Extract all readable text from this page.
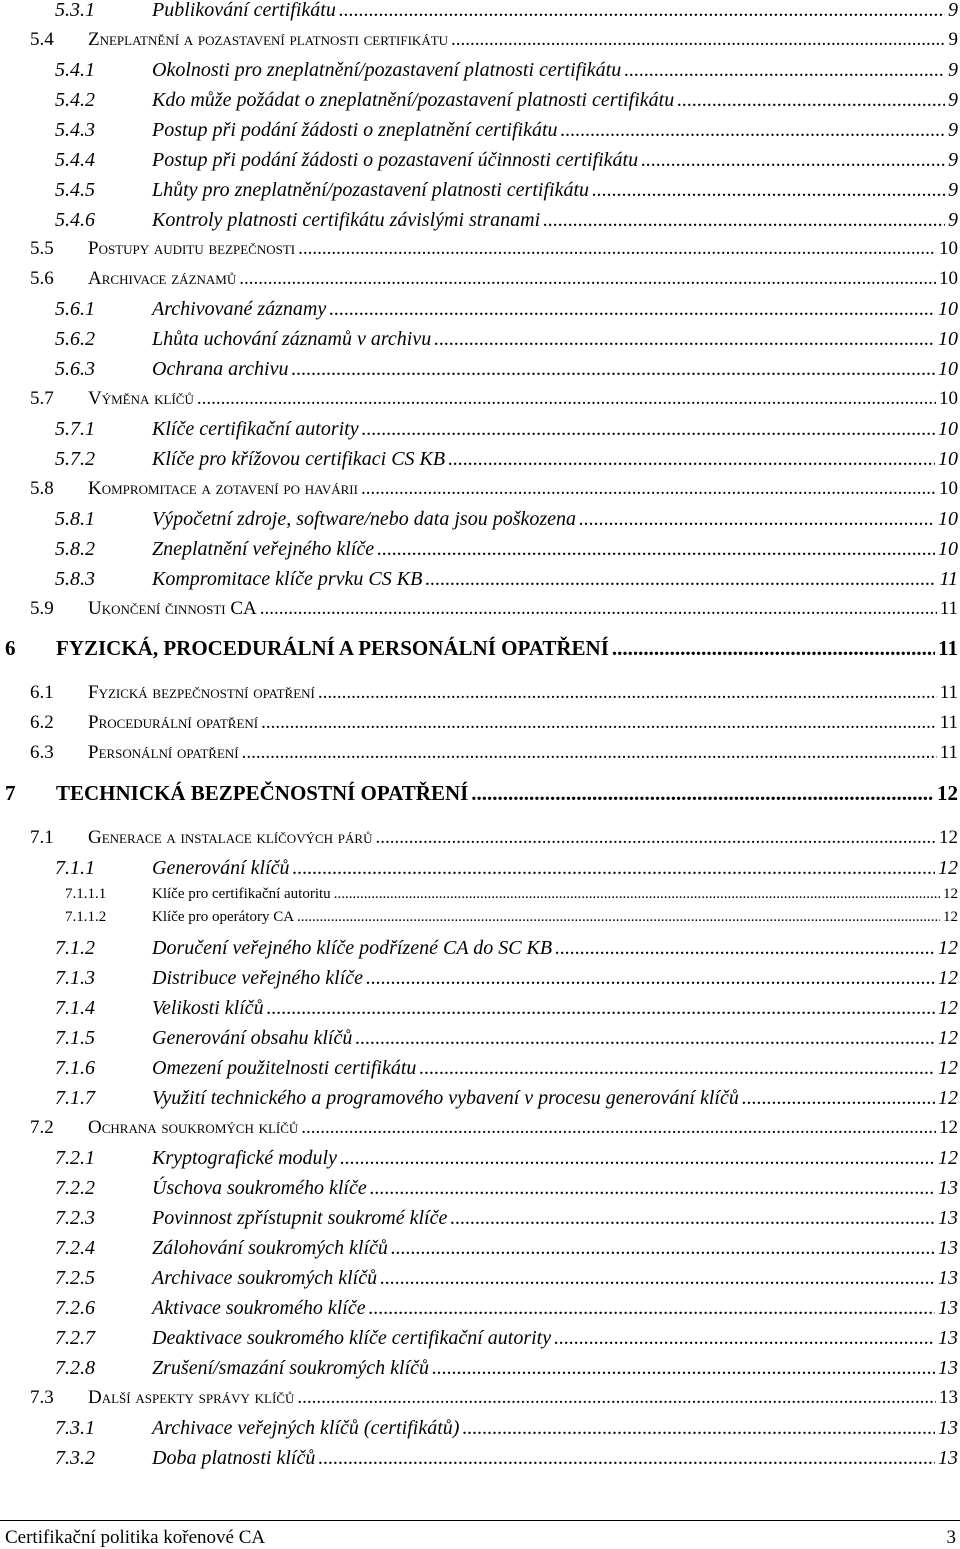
5.3.1	Publikování certifikátu .....	9
5.4	Zneplatnění a pozastavení platnosti certifikátu .....	9
5.4.1	Okolnosti pro zneplatnění/pozastavení platnosti certifikátu .....	9
5.4.2	Kdo může požádat o zneplatnění/pozastavení platnosti certifikátu .....	9
5.4.3	Postup při podání žádosti o zneplatnění certifikátu .....	9
5.4.4	Postup při podání žádosti o pozastavení účinnosti certifikátu .....	9
5.4.5	Lhůty pro zneplatnění/pozastavení platnosti certifikátu .....	9
5.4.6	Kontroly platnosti certifikátu závislými stranami .....	9
5.5	Postupy auditu bezpečnosti .....	10
5.6	Archivace záznamů .....	10
5.6.1	Archivované záznamy .....	10
5.6.2	Lhůta uchování záznamů v archivu .....	10
5.6.3	Ochrana archivu .....	10
5.7	Výměna klíčů .....	10
5.7.1	Klíče certifikační autority .....	10
5.7.2	Klíče pro křížovou certifikaci CS KB .....	10
5.8	Kompromitace a zotavení po havárii .....	10
5.8.1	Výpočetní zdroje, software/nebo data jsou poškozena .....	10
5.8.2	Zneplatnění veřejného klíče .....	10
5.8.3	Kompromitace klíče prvku CS KB .....	11
5.9	Ukončení činnosti CA .....	11
6	FYZICKÁ, PROCEDURÁLNÍ A PERSONÁLNÍ OPATŘENÍ .....	11
6.1	Fyzická bezpečnostní opatření .....	11
6.2	Procedurální opatření .....	11
6.3	Personální opatření .....	11
7	TECHNICKÁ BEZPEČNOSTNÍ OPATŘENÍ .....	12
7.1	Generace a instalace klíčových párů .....	12
7.1.1	Generování klíčů .....	12
7.1.1.1	Klíče pro certifikační autoritu .....	12
7.1.1.2	Klíče pro operátory CA .....	12
7.1.2	Doručení veřejného klíče podřízené CA do SC KB .....	12
7.1.3	Distribuce veřejného klíče .....	12
7.1.4	Velikosti klíčů .....	12
7.1.5	Generování obsahu klíčů .....	12
7.1.6	Omezení použitelnosti certifikátu .....	12
7.1.7	Využití technického a programového vybavení v procesu generování klíčů .....	12
7.2	Ochrana soukromých klíčů .....	12
7.2.1	Kryptografické moduly .....	12
7.2.2	Úschova soukromého klíče .....	13
7.2.3	Povinnost zpřístupnit soukromé klíče .....	13
7.2.4	Zálohování soukromých klíčů .....	13
7.2.5	Archivace soukromých klíčů .....	13
7.2.6	Aktivace soukromého klíče .....	13
7.2.7	Deaktivace soukromého klíče certifikační autority .....	13
7.2.8	Zrušení/smazání soukromých klíčů .....	13
7.3	Další aspekty správy klíčů .....	13
7.3.1	Archivace veřejných klíčů (certifikátů) .....	13
7.3.2	Doba platnosti klíčů .....	13
Certifikační politika kořenové CA	3
